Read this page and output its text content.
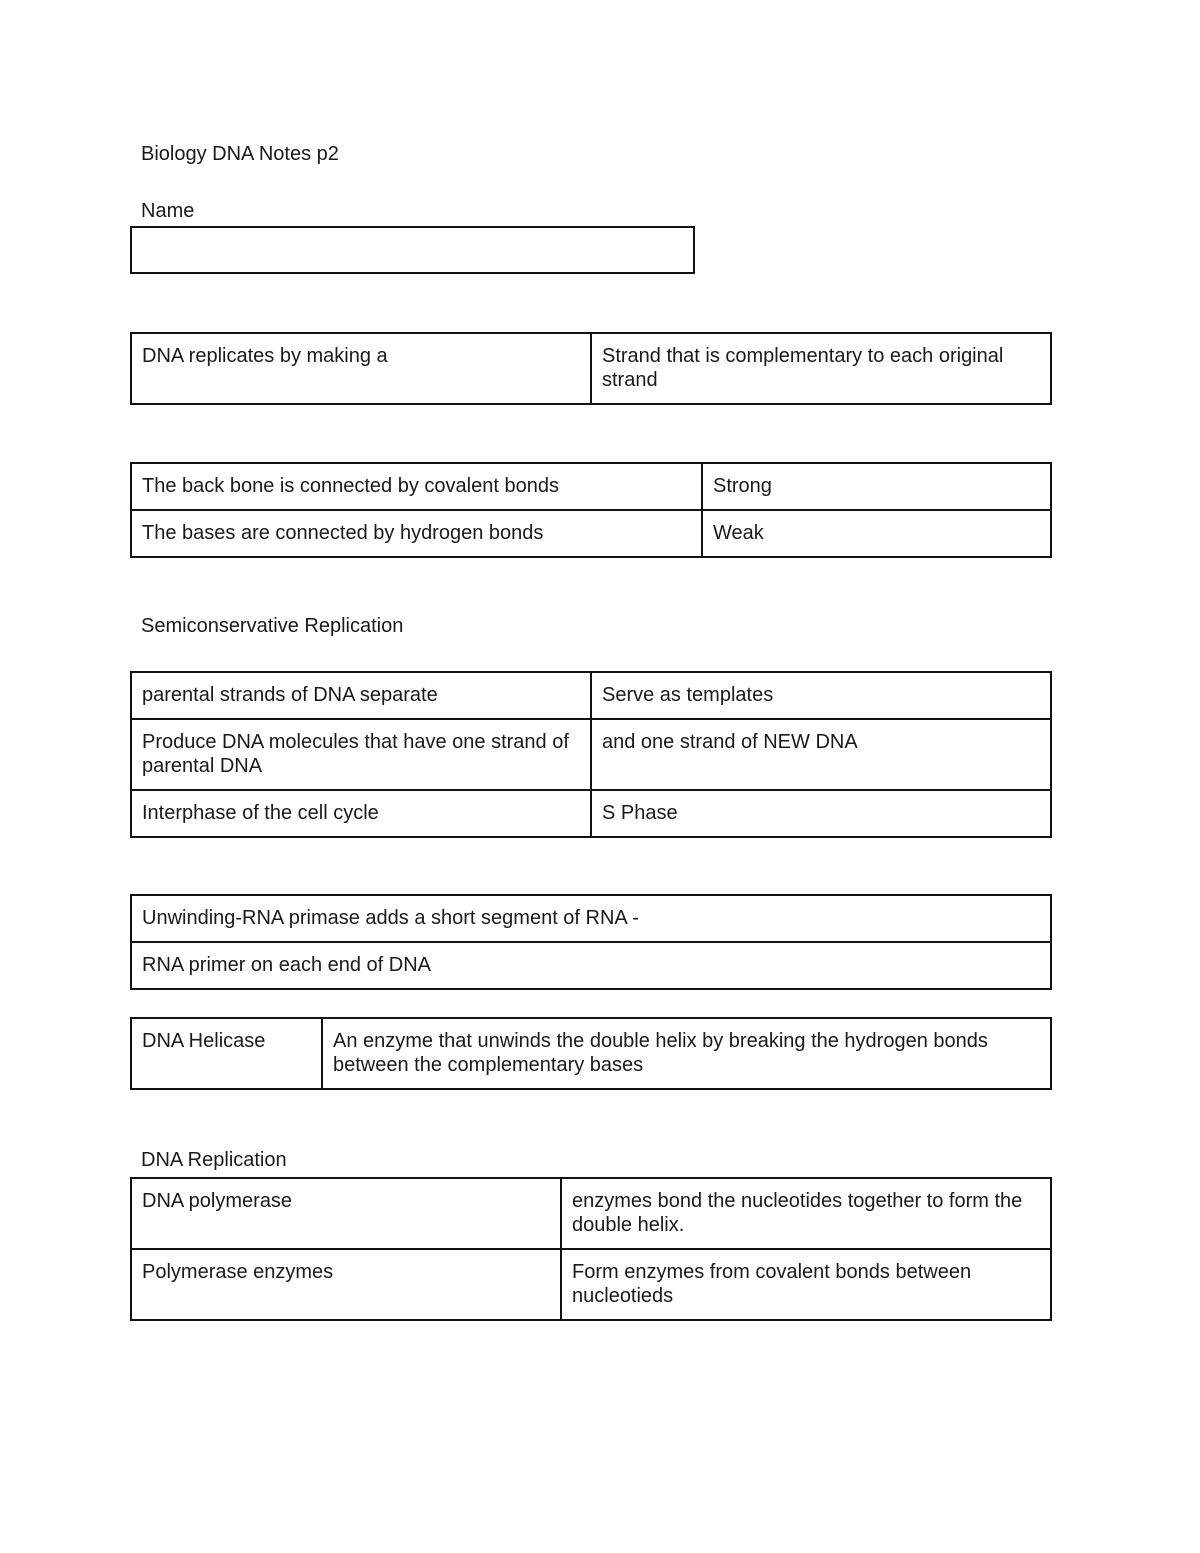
Biology DNA Notes p2
Name
DNA replicates by making a	Strand that is complementary to each original strand
The back bone is connected by covalent bonds	Strong
The bases are connected by hydrogen bonds	Weak
Semiconservative Replication
parental strands of DNA separate	Serve as templates
Produce DNA molecules that have one strand of parental DNA	and one strand of NEW DNA
Interphase of the cell cycle	S Phase
Unwinding-RNA primase adds a short segment of RNA -
RNA primer on each end of DNA
DNA Helicase	An enzyme that unwinds the double helix by breaking the hydrogen bonds between the complementary bases
DNA Replication
DNA polymerase	enzymes bond the nucleotides together to form the double helix.
Polymerase enzymes	Form enzymes from covalent bonds between nucleotieds
